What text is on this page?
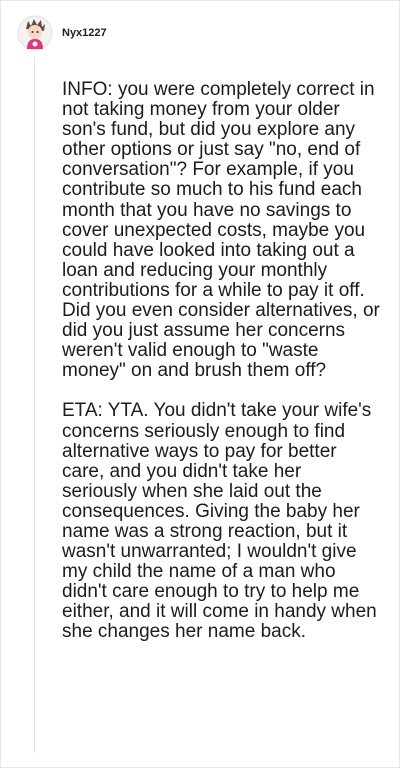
Nyx1227

INFO: you were completely correct in not taking money from your older son's fund, but did you explore any other options or just say "no, end of conversation"? For example, if you contribute so much to his fund each month that you have no savings to cover unexpected costs, maybe you could have looked into taking out a loan and reducing your monthly contributions for a while to pay it off. Did you even consider alternatives, or did you just assume her concerns weren't valid enough to "waste money" on and brush them off?

ETA: YTA. You didn't take your wife's concerns seriously enough to find alternative ways to pay for better care, and you didn't take her seriously when she laid out the consequences. Giving the baby her name was a strong reaction, but it wasn't unwarranted; I wouldn't give my child the name of a man who didn't care enough to try to help me either, and it will come in handy when she changes her name back.
